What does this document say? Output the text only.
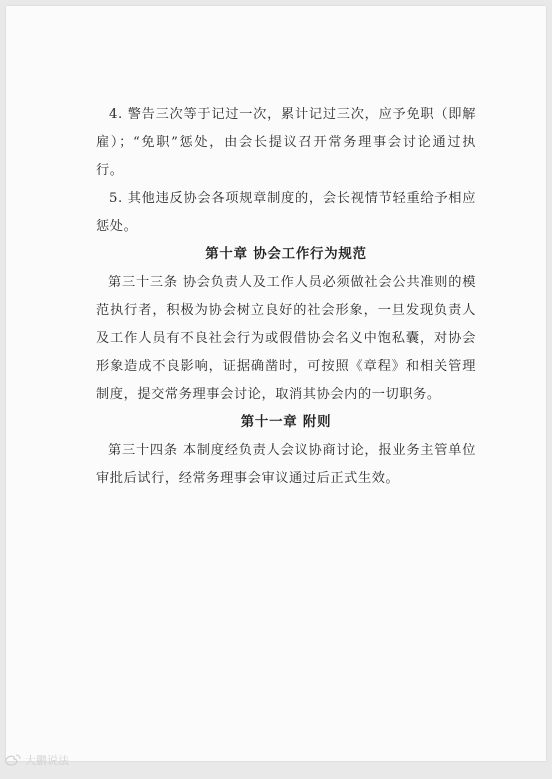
4. 警告三次等于记过一次，累计记过三次，应予免职（即解雇）；“免职”惩处，由会长提议召开常务理事会讨论通过执行。

5. 其他违反协会各项规章制度的，会长视情节轻重给予相应惩处。

第十章 协会工作行为规范

第三十三条 协会负责人及工作人员必须做社会公共准则的模范执行者，积极为协会树立良好的社会形象，一旦发现负责人及工作人员有不良社会行为或假借协会名义中饱私囊，对协会形象造成不良影响，证据确凿时，可按照《章程》和相关管理制度，提交常务理事会讨论，取消其协会内的一切职务。

第十一章 附则

第三十四条 本制度经负责人会议协商讨论，报业务主管单位审批后试行，经常务理事会审议通过后正式生效。

大鹏说法
